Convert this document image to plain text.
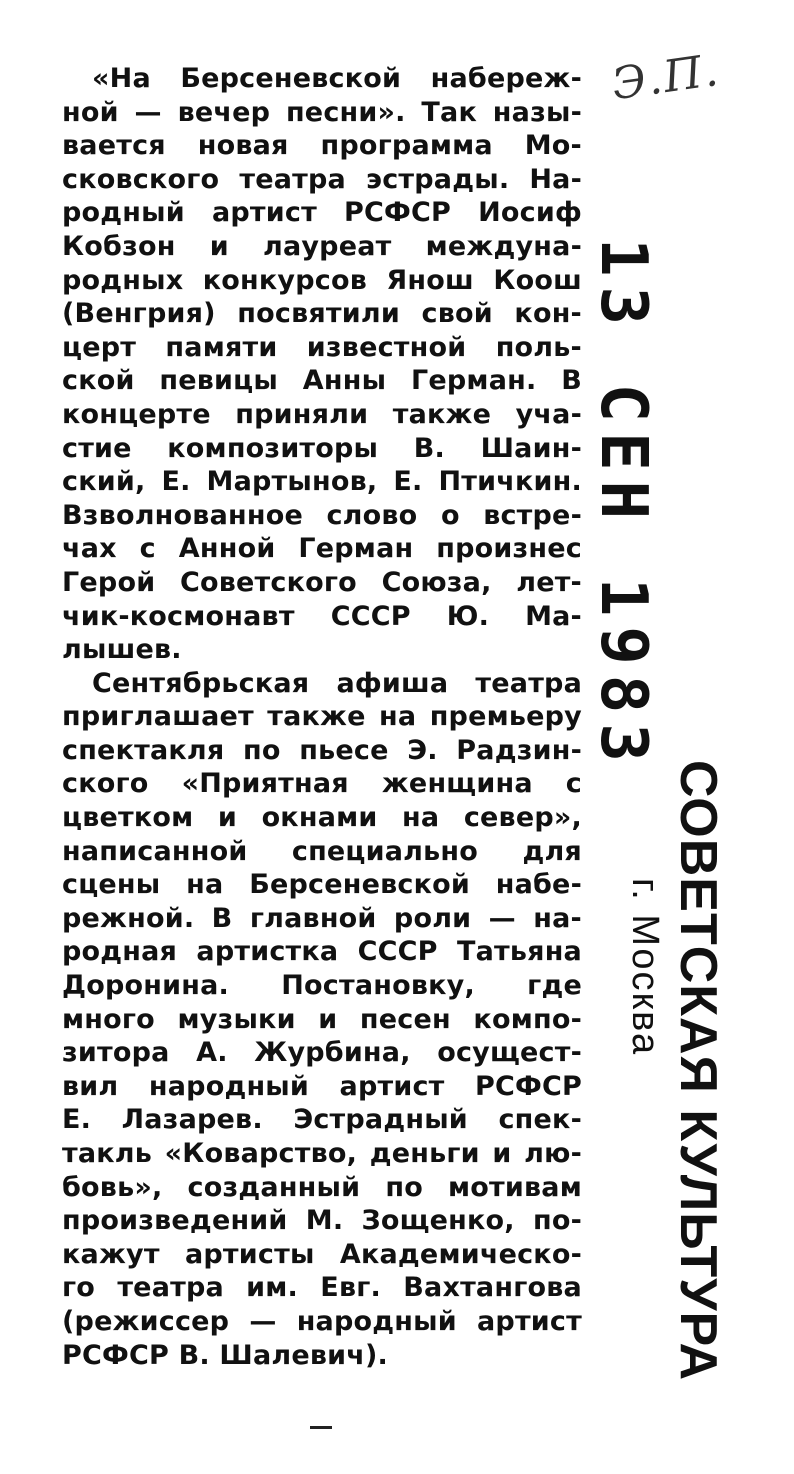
Э.П.
13 СЕН 1983
СОВЕТСКАЯ КУЛЬТУРА
г. Москва
«На Берсеневской набереж-
ной — вечер песни». Так назы-
вается новая программа Мо-
сковского театра эстрады. На-
родный артист РСФСР Иосиф
Кобзон и лауреат междуна-
родных конкурсов Янош Коош
(Венгрия) посвятили свой кон-
церт памяти известной поль-
ской певицы Анны Герман. В
концерте приняли также уча-
стие композиторы В. Шаин-
ский, Е. Мартынов, Е. Птичкин.
Взволнованное слово о встре-
чах с Анной Герман произнес
Герой Советского Союза, лет-
чик-космонавт СССР Ю. Ма-
лышев.
Сентябрьская афиша театра
приглашает также на премьеру
спектакля по пьесе Э. Радзин-
ского «Приятная женщина с
цветком и окнами на север»,
написанной специально для
сцены на Берсеневской набе-
режной. В главной роли — на-
родная артистка СССР Татьяна
Доронина. Постановку, где
много музыки и песен компо-
зитора А. Журбина, осущест-
вил народный артист РСФСР
Е. Лазарев. Эстрадный спек-
такль «Коварство, деньги и лю-
бовь», созданный по мотивам
произведений М. Зощенко, по-
кажут артисты Академическо-
го театра им. Евг. Вахтангова
(режиссер — народный артист
РСФСР В. Шалевич).
